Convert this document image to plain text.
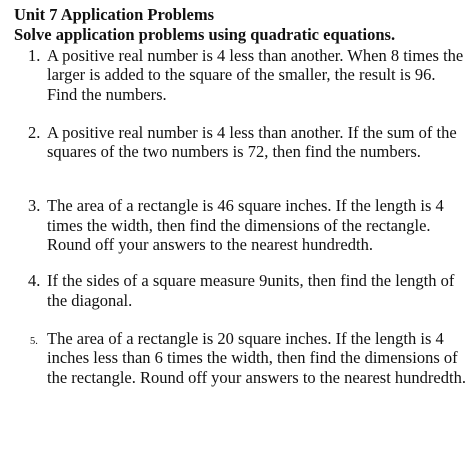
Unit 7 Application Problems
Solve application problems using quadratic equations.
1. A positive real number is 4 less than another. When 8 times the larger is added to the square of the smaller, the result is 96. Find the numbers.
2. A positive real number is 4 less than another. If the sum of the squares of the two numbers is 72, then find the numbers.
3. The area of a rectangle is 46 square inches. If the length is 4 times the width, then find the dimensions of the rectangle. Round off your answers to the nearest hundredth.
4. If the sides of a square measure 9units, then find the length of the diagonal.
5. The area of a rectangle is 20 square inches. If the length is 4 inches less than 6 times the width, then find the dimensions of the rectangle. Round off your answers to the nearest hundredth.
